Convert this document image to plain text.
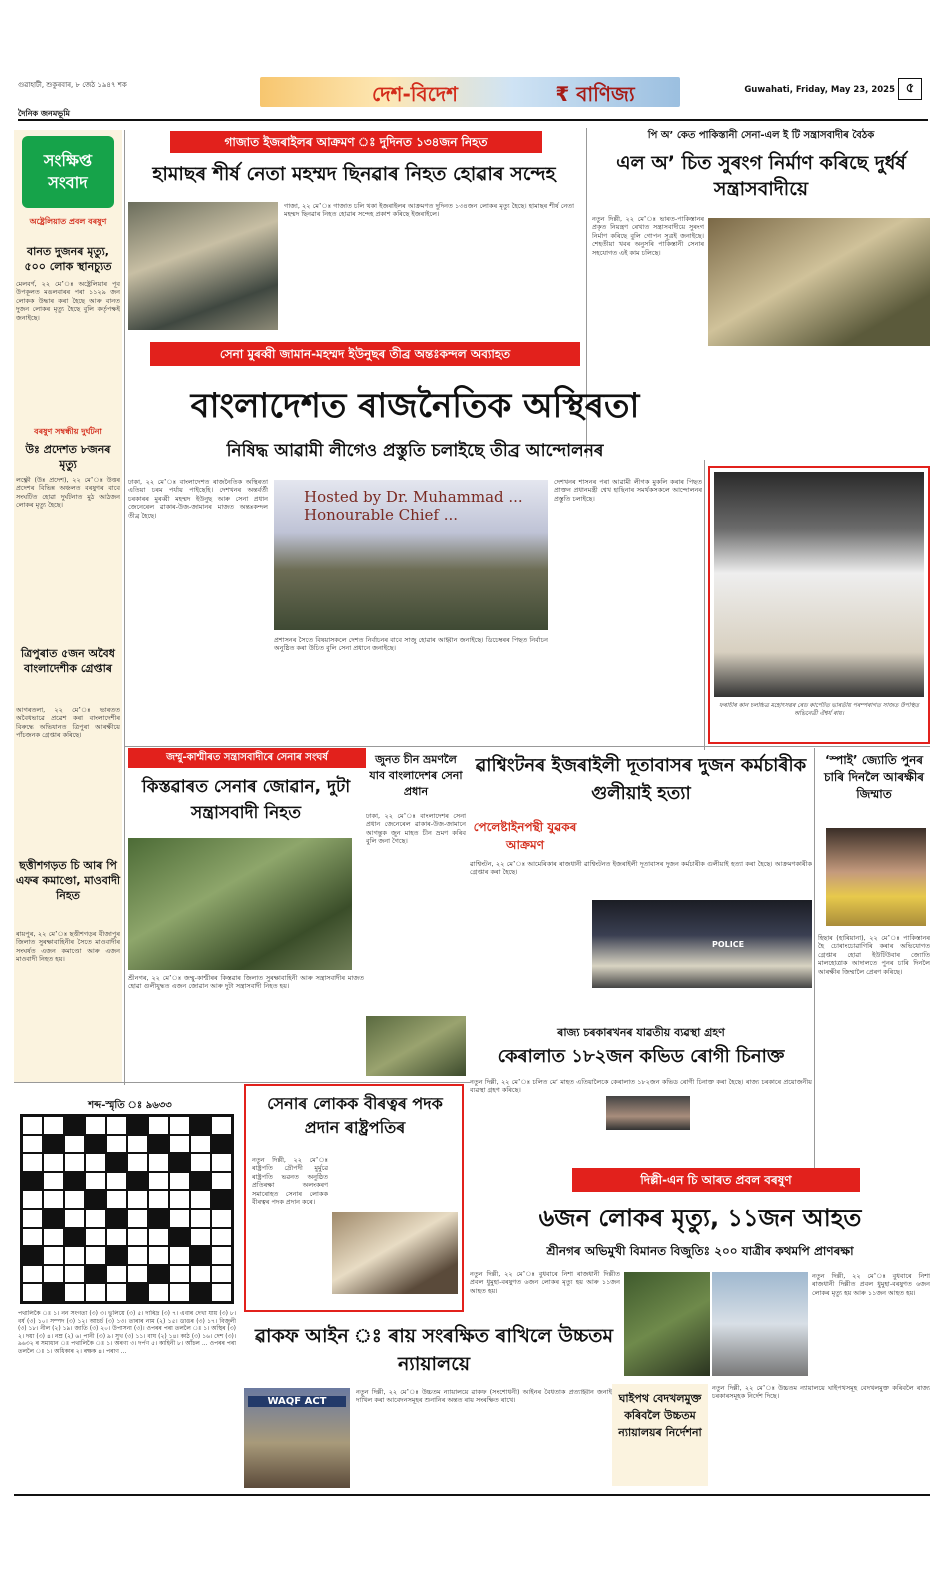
গুৱাহাটী, শুকুৰবাৰ, ৮ জেঠ ১৯৪৭ শক
দৈনিক জনমভূমি
দেশ-বিদেশ	₹ বাণিজ্য	Guwahati, Friday, May 23, 2025 ৫
সংক্ষিপ্ত সংবাদ
অষ্ট্ৰেলিয়াত প্ৰবল বৰষুণ
বানত দুজনৰ মৃত্যু, ৫০০ লোক স্থানচ্যুত
মেলবৰ্ণ, ২২ মে’ঃ অষ্ট্ৰেলিয়াৰ পূব উপকূলত মঙলবাৰৰ পৰা ১১২৯ জন লোকক উদ্ধাৰ কৰা হৈছে আৰু বানত দুজন লোকৰ মৃত্যু হৈছে বুলি কৰ্তৃপক্ষই জনাইছে।
বৰষুণ সম্বন্ধীয় দুৰ্ঘটনা
উঃ প্ৰদেশত ৮জনৰ মৃত্যু
লক্ষ্ণৌ (উঃ প্ৰদেশ), ২২ মে’ঃ উত্তৰ প্ৰদেশৰ বিভিন্ন অঞ্চলত বৰষুণৰ বাবে সংঘটিত হোৱা দুৰ্ঘটনাত মুঠ আঠজন লোকৰ মৃত্যু হৈছে।
ত্ৰিপুৰাত ৫জন অবৈধ বাংলাদেশীক গ্ৰেপ্তাৰ
আগৰতলা, ২২ মে’ঃ ভাৰতত অবৈধভাৱে প্ৰৱেশ কৰা বাংলাদেশীৰ বিৰুদ্ধে অভিযানত ত্ৰিপুৰা আৰক্ষীয়ে পাঁচজনক গ্ৰেপ্তাৰ কৰিছে।
ছত্তীশগড়ত চি আৰ পি এফৰ কমাণ্ডো, মাওবাদী নিহত
ৰায়পুৰ, ২২ মে’ঃ ছত্তীশগড়ৰ বীজাপুৰ জিলাত সুৰক্ষাবাহিনীৰ সৈতে মাওবাদীৰ সংঘৰ্ষত এজন কমাণ্ডো আৰু এজন মাওবাদী নিহত হয়।
গাজাত ইজৰাইলৰ আক্ৰমণ ঃ দুদিনত ১৩৪জন নিহত
হামাছৰ শীৰ্ষ নেতা মহম্মদ ছিনৱাৰ নিহত হোৱাৰ সন্দেহ
গাজা, ২২ মে’ঃ গাজাত চলি থকা ইজৰাইলৰ আক্ৰমণত দুদিনত ১৩৪জন লোকৰ মৃত্যু হৈছে। হামাছৰ শীৰ্ষ নেতা মহম্মদ ছিনৱাৰ নিহত হোৱাৰ সন্দেহ প্ৰকাশ কৰিছে ইজৰাইলে।
পি অ’ কেত পাকিস্তানী সেনা-এল ই টি সন্ত্ৰাসবাদীৰ বৈঠক
এল অ’ চিত সুৰংগ নিৰ্মাণ কৰিছে দুৰ্ধৰ্ষ সন্ত্ৰাসবাদীয়ে
নতুন দিল্লী, ২২ মে’ঃ ভাৰত-পাকিস্তানৰ প্ৰকৃত নিয়ন্ত্ৰণ ৰেখাত সন্ত্ৰাসবাদীয়ে সুৰংগ নিৰ্মাণ কৰিছে বুলি গোপন সূত্ৰই জনাইছে। শেহতীয়া খবৰ অনুসৰি পাকিস্তানী সেনাৰ সহযোগত এই কাম চলিছে।
সেনা মুৰব্বী জামান-মহম্মদ ইউনুছৰ তীব্ৰ অন্তঃকন্দল অব্যাহত
বাংলাদেশত ৰাজনৈতিক অস্থিৰতা
নিষিদ্ধ আৱামী লীগেও প্ৰস্তুতি চলাইছে তীব্ৰ আন্দোলনৰ
ঢাকা, ২২ মে’ঃ বাংলাদেশত ৰাজনৈতিক অস্থিৰতা এতিয়া চৰম পৰ্যায় পাইছেহি। দেশখনৰ অন্তৰ্বৰ্তী চৰকাৰৰ মুৰব্বী মহম্মদ ইউনুছ আৰু সেনা প্ৰধান জেনেৰেল ৱাকাৰ-উজ-জামানৰ মাজত অন্তঃকন্দল তীব্ৰ হৈছে।
Hosted by Dr. Muhammad ... Honourable Chief ...
প্ৰশাসনৰ সৈতে বিষয়াসকলে দেশত নিৰ্বাচনৰ বাবে সাজু হোৱাৰ আহ্বান জনাইছে। ডিচেম্বৰৰ পিছত নিৰ্বাচন অনুষ্ঠিত কৰা উচিত বুলি সেনা প্ৰধানে জনাইছে।
দেশখনৰ শাসনৰ পৰা আৱামী লীগক মুকলি কৰাৰ পিছত প্ৰাক্তন প্ৰধানমন্ত্ৰী শ্বেখ হাছিনাৰ সমৰ্থকসকলে আন্দোলনৰ প্ৰস্তুতি চলাইছে।
ফৰাচীৰ কান চলচ্চিত্ৰ মহোৎসৱৰ ৰেড কাৰ্পেটত ভাৰতীয় পৰম্পৰাগত সাজত উপস্থিত অভিনেত্ৰী ঐশ্বৰ্য ৰায়।
জম্মু-কাশ্মীৰত সন্ত্ৰাসবাদীৰে সেনাৰ সংঘৰ্ষ
কিস্তৱাৰত সেনাৰ জোৱান, দুটা সন্ত্ৰাসবাদী নিহত
শ্ৰীনগৰ, ২২ মে’ঃ জম্মু-কাশ্মীৰৰ কিস্তৱাৰ জিলাত সুৰক্ষাবাহিনী আৰু সন্ত্ৰাসবাদীৰ মাজত হোৱা গুলীযুদ্ধত এজন জোৱান আৰু দুটা সন্ত্ৰাসবাদী নিহত হয়।
জুনত চীন ভ্ৰমণলৈ যাব বাংলাদেশৰ সেনা প্ৰধান
ঢাকা, ২২ মে’ঃ বাংলাদেশৰ সেনা প্ৰধান জেনেৰেল ৱাকাৰ-উজ-জামানে আগন্তুক জুন মাহত চীন ভ্ৰমণ কৰিব বুলি জনা গৈছে।
ৱাশ্বিংটনৰ ইজৰাইলী দূতাবাসৰ দুজন কৰ্মচাৰীক গুলীয়াই হত্যা
পেলেষ্টাইনপন্থী যুৱকৰ আক্ৰমণ
ৱাশ্বিংটন, ২২ মে’ঃ আমেৰিকাৰ ৰাজধানী ৱাশ্বিংটনত ইজৰাইলী দূতাবাসৰ দুজন কৰ্মচাৰীক গুলীয়াই হত্যা কৰা হৈছে। আক্ৰমণকাৰীক গ্ৰেপ্তাৰ কৰা হৈছে।
POLICE
‘স্পাই’ জ্যোতি পুনৰ চাৰি দিনলৈ আৰক্ষীৰ জিম্মাত
হিছাৰ (হাৰিয়ানা), ২২ মে’ঃ পাকিস্তানৰ হৈ চোৰাংচোৱাগিৰি কৰাৰ অভিযোগত গ্ৰেপ্তাৰ হোৱা ইউটিউবাৰ জ্যোতি মালহোত্ৰাক আদালতে পুনৰ চাৰি দিনলৈ আৰক্ষীৰ জিম্মালৈ প্ৰেৰণ কৰিছে।
ৰাজ্য চৰকাৰখনৰ যাৱতীয় ব্যৱস্থা গ্ৰহণ
কেৰালাত ১৮২জন কভিড ৰোগী চিনাক্ত
নতুন দিল্লী, ২২ মে’ঃ চলিত মে’ মাহত এতিয়ালৈকে কেৰালাত ১৮২জন কভিড ৰোগী চিনাক্ত কৰা হৈছে। ৰাজ্য চৰকাৰে প্ৰয়োজনীয় ব্যৱস্থা গ্ৰহণ কৰিছে।
শব্দ-স্মৃতি ঃ ৯৬৩৩
পথালিকৈ ঃ ১। নন সংগতা (৩) ৩। ভুলিয়ে (৩) ৫। দাৰিদ্ৰ (৩) ৭। এবাৰ দেখা যায় (৩) ৮। বৰ্ষ (৩) ১০। সম্পদ (৩) ১২। আচৰ্চ (৩) ১৩। তাৰাৰ নাম (২) ১৫। ডাঙৰ (৩) ১৭। বিজুলী (৩) ১৮। নীল (২) ১৯। জাতি (৩) ২০। উপাসনা (৩)। ওপৰৰ পৰা তললৈ ঃ ১। অস্থিৰ (৩) ২। দয়া (৩) ৪। নম্ৰ (২) ৬। পানী (৩) ৯। সুখ (৩) ১১। বাঘ (২) ১৪। কাঠ (৩) ১৬। দেশ (৩)। ৯৬৩২ ৰ সমাধান ঃ পথালিকৈ ঃ ১। অৰণ্য ৩। দৰ্পণ ৫। কাহিনী ৮। আঁচল ... ওপৰৰ পৰা তললৈ ঃ ১। অধিকাৰ ২। ৰক্ষক ৪। পৰাণ ...
সেনাৰ লোকক বীৰত্বৰ পদক প্ৰদান ৰাষ্ট্ৰপতিৰ
নতুন দিল্লী, ২২ মে’ঃ ৰাষ্ট্ৰপতি দ্ৰৌপদী মুৰ্মুৱে ৰাষ্ট্ৰপতি ভৱনত অনুষ্ঠিত প্ৰতিৰক্ষা অলংকৰণ সমাৰোহত সেনাৰ লোকক বীৰত্বৰ পদক প্ৰদান কৰে।
দিল্লী-এন চি আৰত প্ৰবল বৰষুণ
৬জন লোকৰ মৃত্যু, ১১জন আহত
শ্ৰীনগৰ অভিমুখী বিমানত বিজুতিঃ ২০০ যাত্ৰীৰ কথমপি প্ৰাণৰক্ষা
নতুন দিল্লী, ২২ মে’ঃ বুধবাৰে নিশা ৰাজধানী দিল্লীত প্ৰবল ধুমুহা-বৰষুণত ৬জন লোকৰ মৃত্যু হয় আৰু ১১জন আহত হয়।
নতুন দিল্লী, ২২ মে’ঃ বুধবাৰে নিশা ৰাজধানী দিল্লীত প্ৰবল ধুমুহা-বৰষুণত ৬জন লোকৰ মৃত্যু হয় আৰু ১১জন আহত হয়।
ৱাকফ আইন ঃ ৰায় সংৰক্ষিত ৰাখিলে উচ্চতম ন্যায়ালয়ে
WAQF ACT
নতুন দিল্লী, ২২ মে’ঃ উচ্চতম ন্যায়ালয়ে ৱাকফ (সংশোধনী) আইনৰ বৈধতাক প্ৰত্যাহ্বান জনাই দাখিল কৰা আবেদনসমূহৰ শুনানিৰ অন্তত ৰায় সংৰক্ষিত ৰাখে।	ঘাইপথ বেদখলমুক্ত কৰিবলৈ উচ্চতম ন্যায়ালয়ৰ নিৰ্দেশনা
নতুন দিল্লী, ২২ মে’ঃ উচ্চতম ন্যায়ালয়ে ঘাইপথসমূহ বেদখলমুক্ত কৰিবলৈ ৰাজ্য চৰকাৰসমূহক নিৰ্দেশ দিছে।
